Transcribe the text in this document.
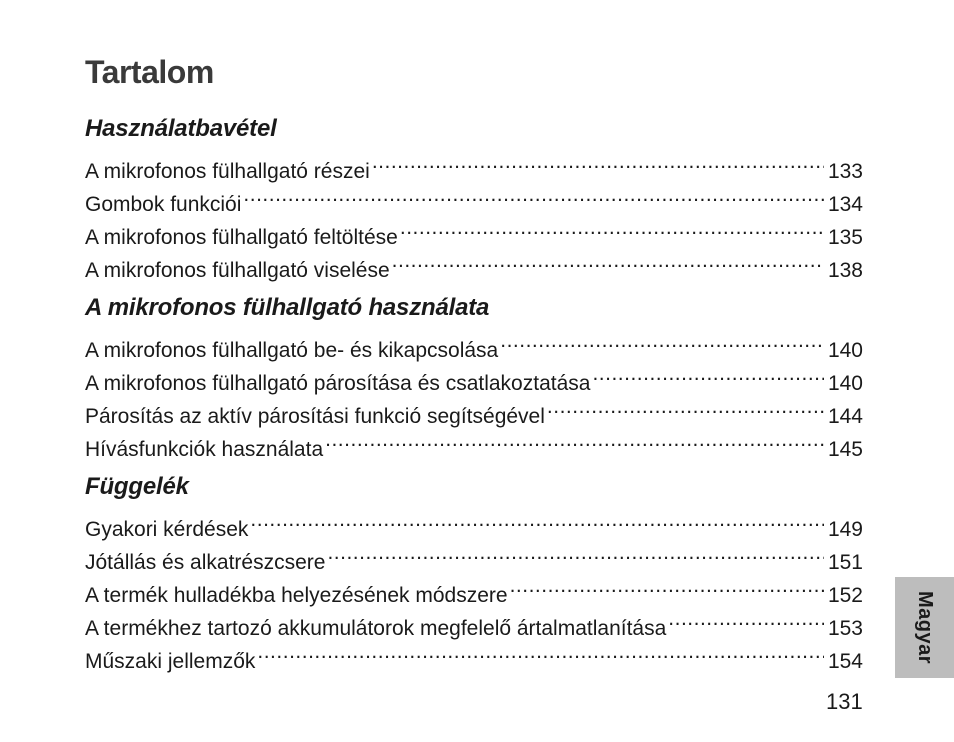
Tartalom
Használatbavétel
A mikrofonos fülhallgató részei .....	133
Gombok funkciói .....	134
A mikrofonos fülhallgató feltöltése .....	135
A mikrofonos fülhallgató viselése .....	138
A mikrofonos fülhallgató használata
A mikrofonos fülhallgató be- és kikapcsolása .....	140
A mikrofonos fülhallgató párosítása és csatlakoztatása .....	140
Párosítás az aktív párosítási funkció segítségével .....	144
Hívásfunkciók használata .....	145
Függelék
Gyakori kérdések .....	149
Jótállás és alkatrészcsere .....	151
A termék hulladékba helyezésének módszere .....	152
A termékhez tartozó akkumulátorok megfelelő ártalmatlanítása .....	153
Műszaki jellemzők .....	154	Magyar
131
